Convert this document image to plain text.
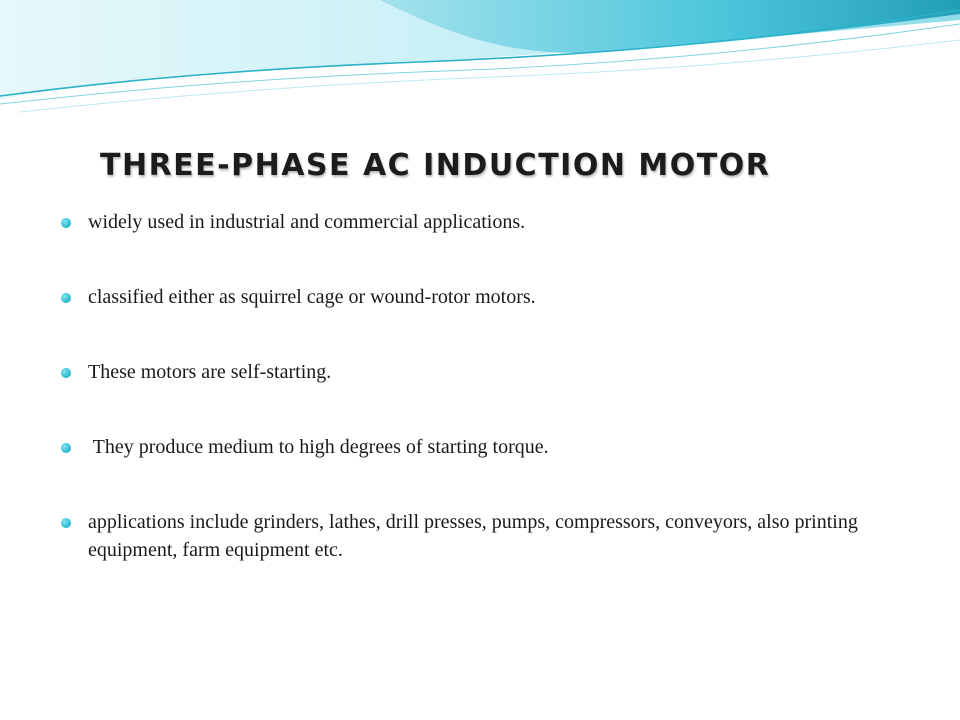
THREE-PHASE AC INDUCTION MOTOR
widely used in industrial and commercial applications.
classified either as squirrel cage or wound-rotor motors.
These motors are self-starting.
They produce medium to high degrees of starting torque.
applications include grinders, lathes, drill presses, pumps, compressors, conveyors, also printing equipment, farm equipment etc.
